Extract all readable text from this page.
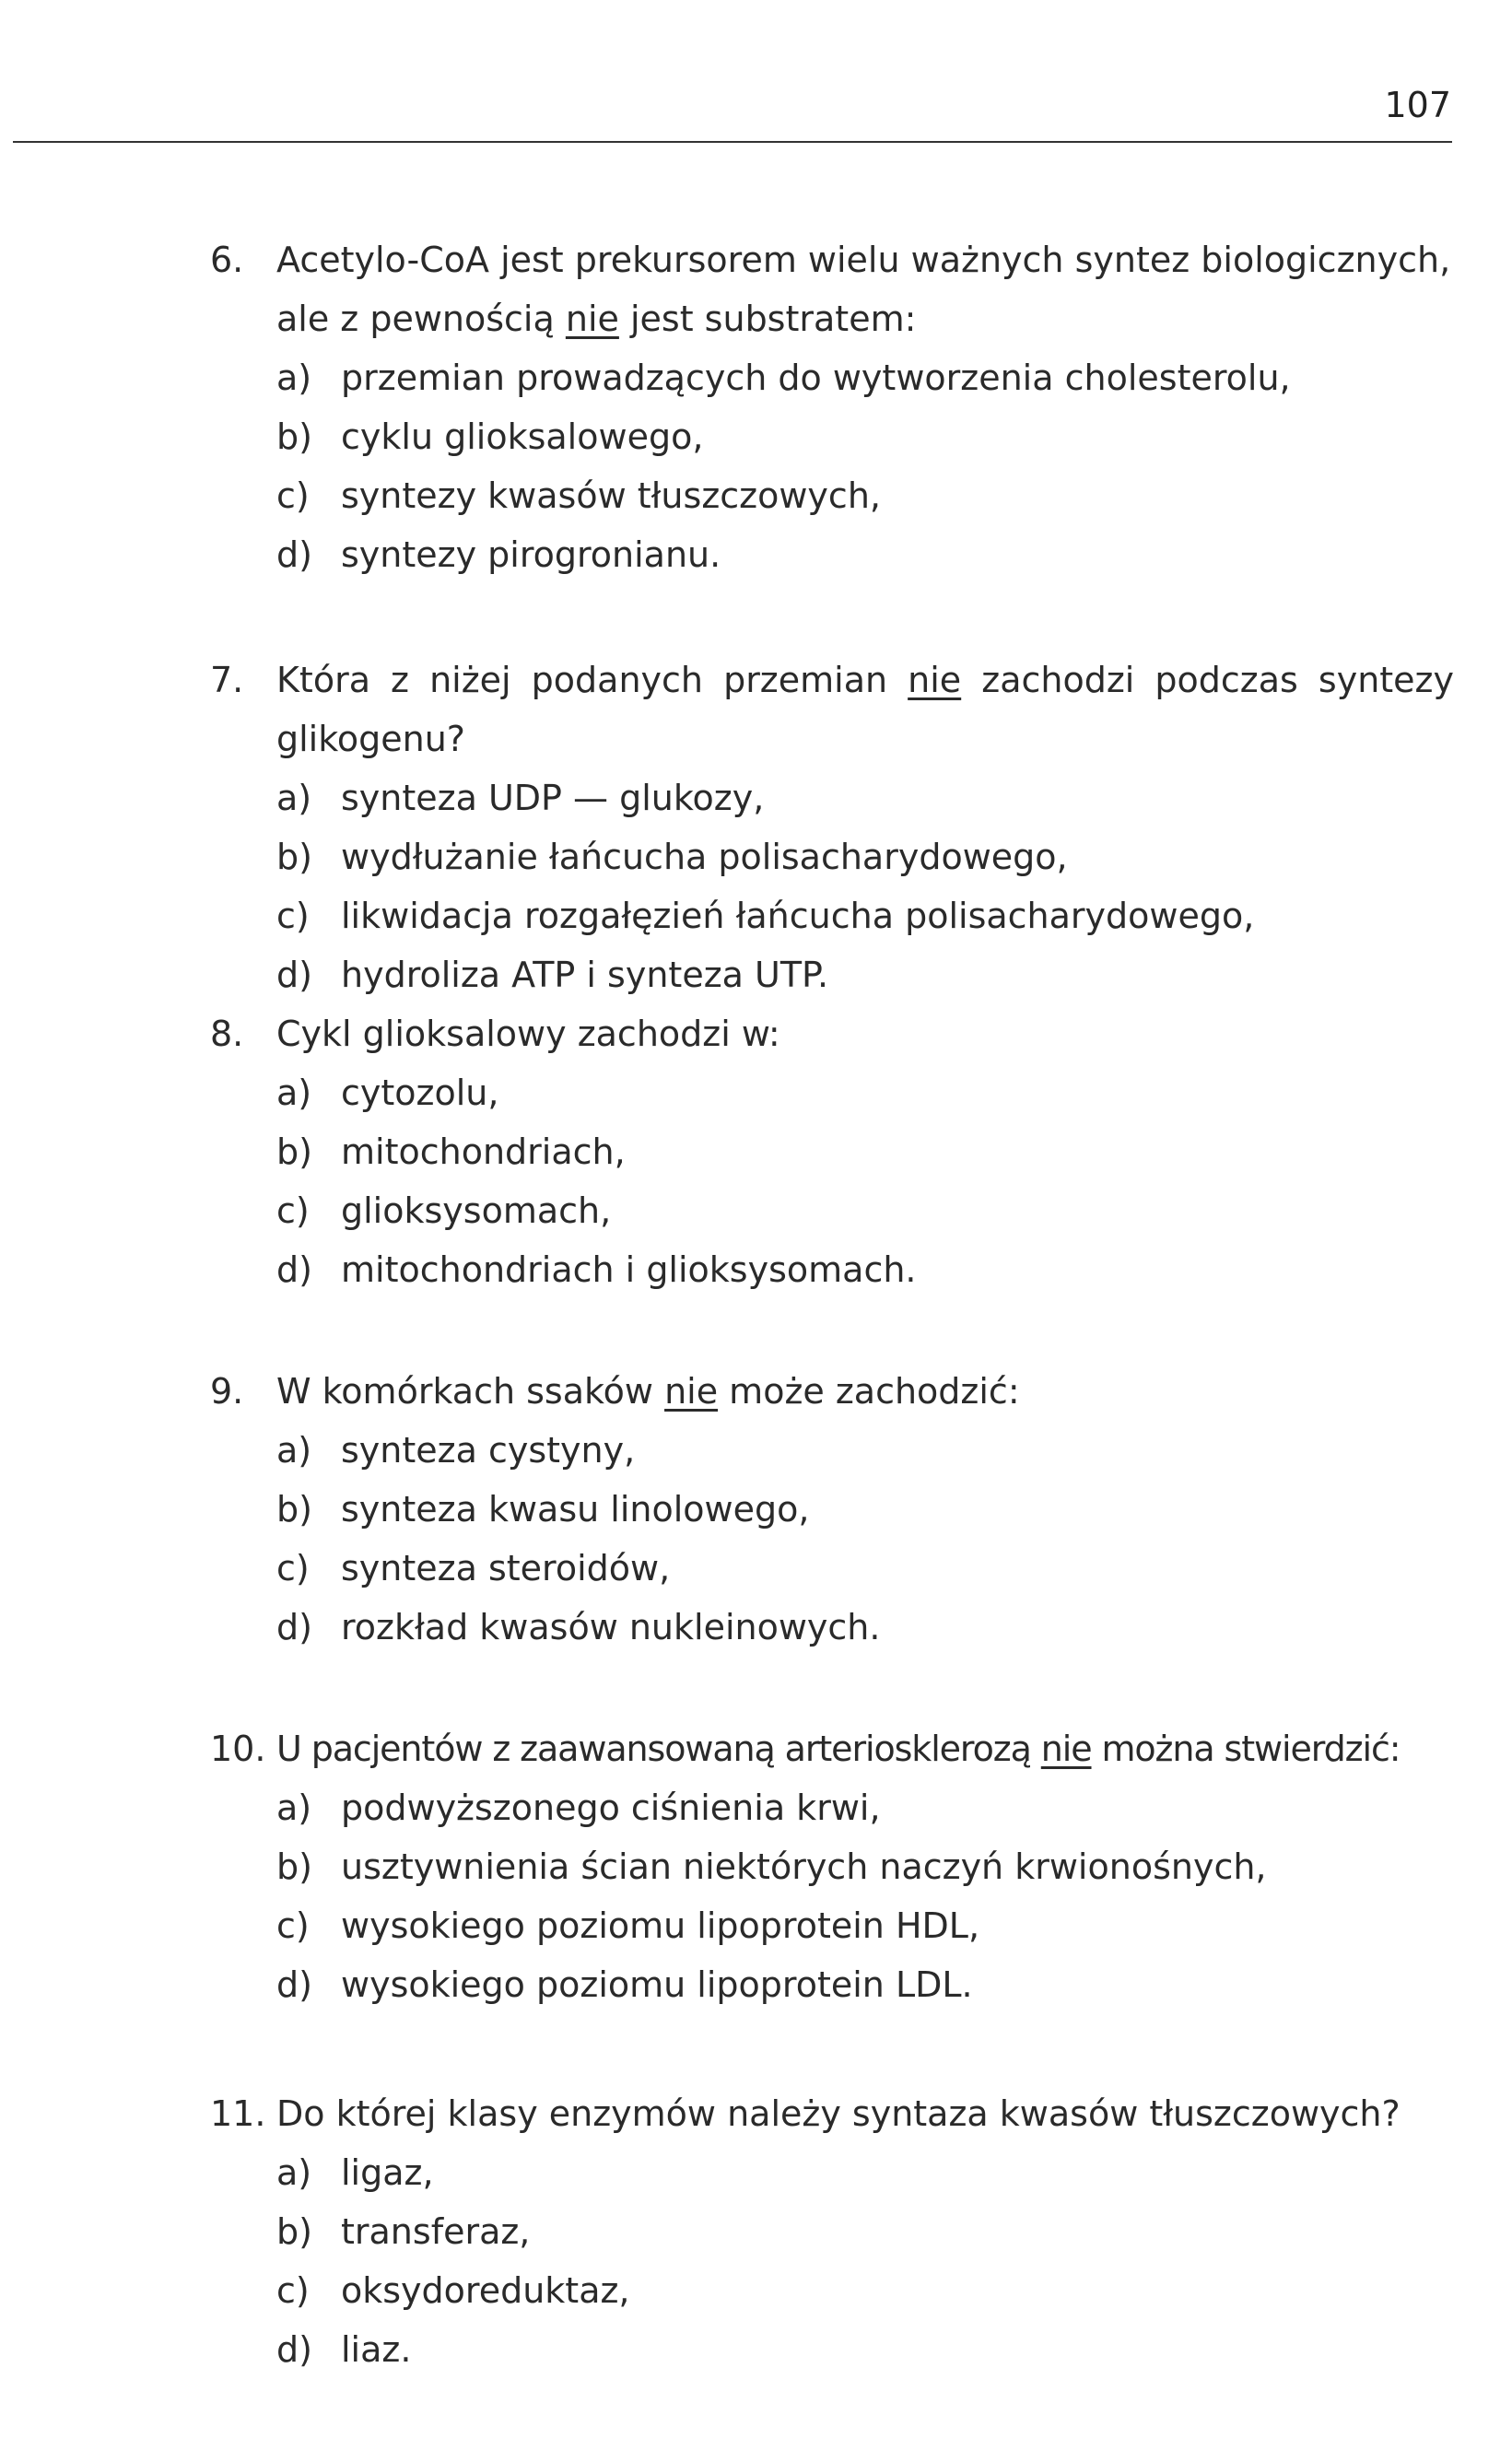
107
6. Acetylo-CoA jest prekursorem wielu ważnych syntez biologicznych,
ale z pewnością nie jest substratem:
a) przemian prowadzących do wytworzenia cholesterolu,
b) cyklu glioksalowego,
c) syntezy kwasów tłuszczowych,
d) syntezy pirogronianu.
7. Która z niżej podanych przemian nie zachodzi podczas syntezy
glikogenu?
a) synteza UDP — glukozy,
b) wydłużanie łańcucha polisacharydowego,
c) likwidacja rozgałęzień łańcucha polisacharydowego,
d) hydroliza ATP i synteza UTP.
8. Cykl glioksalowy zachodzi w:
a) cytozolu,
b) mitochondriach,
c) glioksysomach,
d) mitochondriach i glioksysomach.
9. W komórkach ssaków nie może zachodzić:
a) synteza cystyny,
b) synteza kwasu linolowego,
c) synteza steroidów,
d) rozkład kwasów nukleinowych.
10. U pacjentów z zaawansowaną arteriosklerozą nie można stwierdzić:
a) podwyższonego ciśnienia krwi,
b) usztywnienia ścian niektórych naczyń krwionośnych,
c) wysokiego poziomu lipoprotein HDL,
d) wysokiego poziomu lipoprotein LDL.
11. Do której klasy enzymów należy syntaza kwasów tłuszczowych?
a) ligaz,
b) transferaz,
c) oksydoreduktaz,
d) liaz.
